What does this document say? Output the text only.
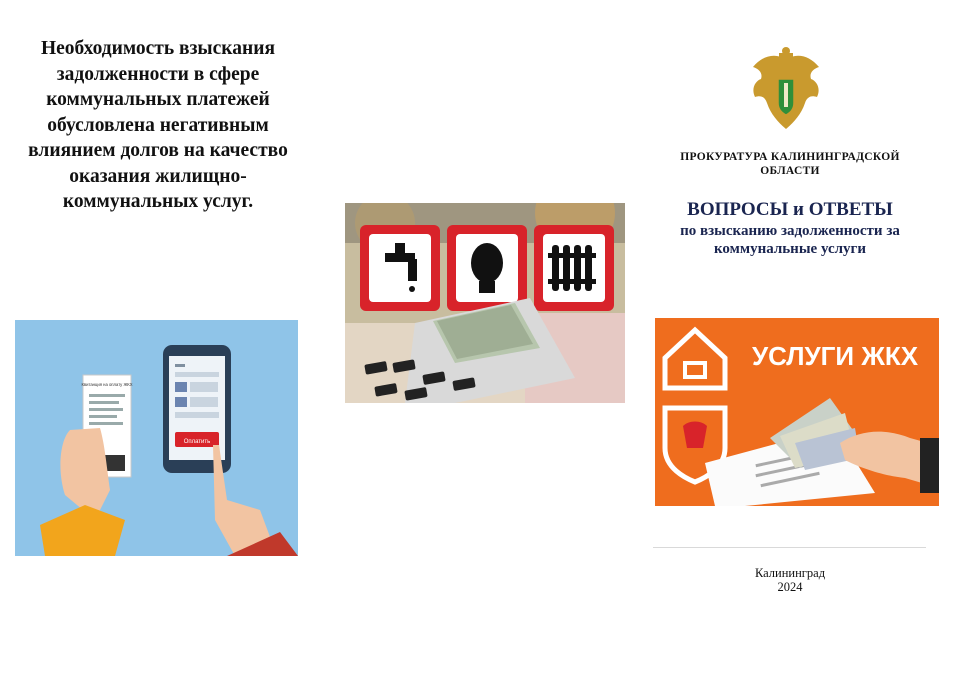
Необходимость взыскания задолженности в сфере коммунальных платежей обусловлена негативным влиянием долгов на качество оказания жилищно-коммунальных услуг.
Квитанция на оплату ЖКХ
Оплатить
ПРОКУРАТУРА КАЛИНИНГРАДСКОЙ ОБЛАСТИ
ВОПРОСЫ и ОТВЕТЫ
по взысканию задолженности за коммунальные услуги
УСЛУГИ ЖКХ
Калининград
2024
